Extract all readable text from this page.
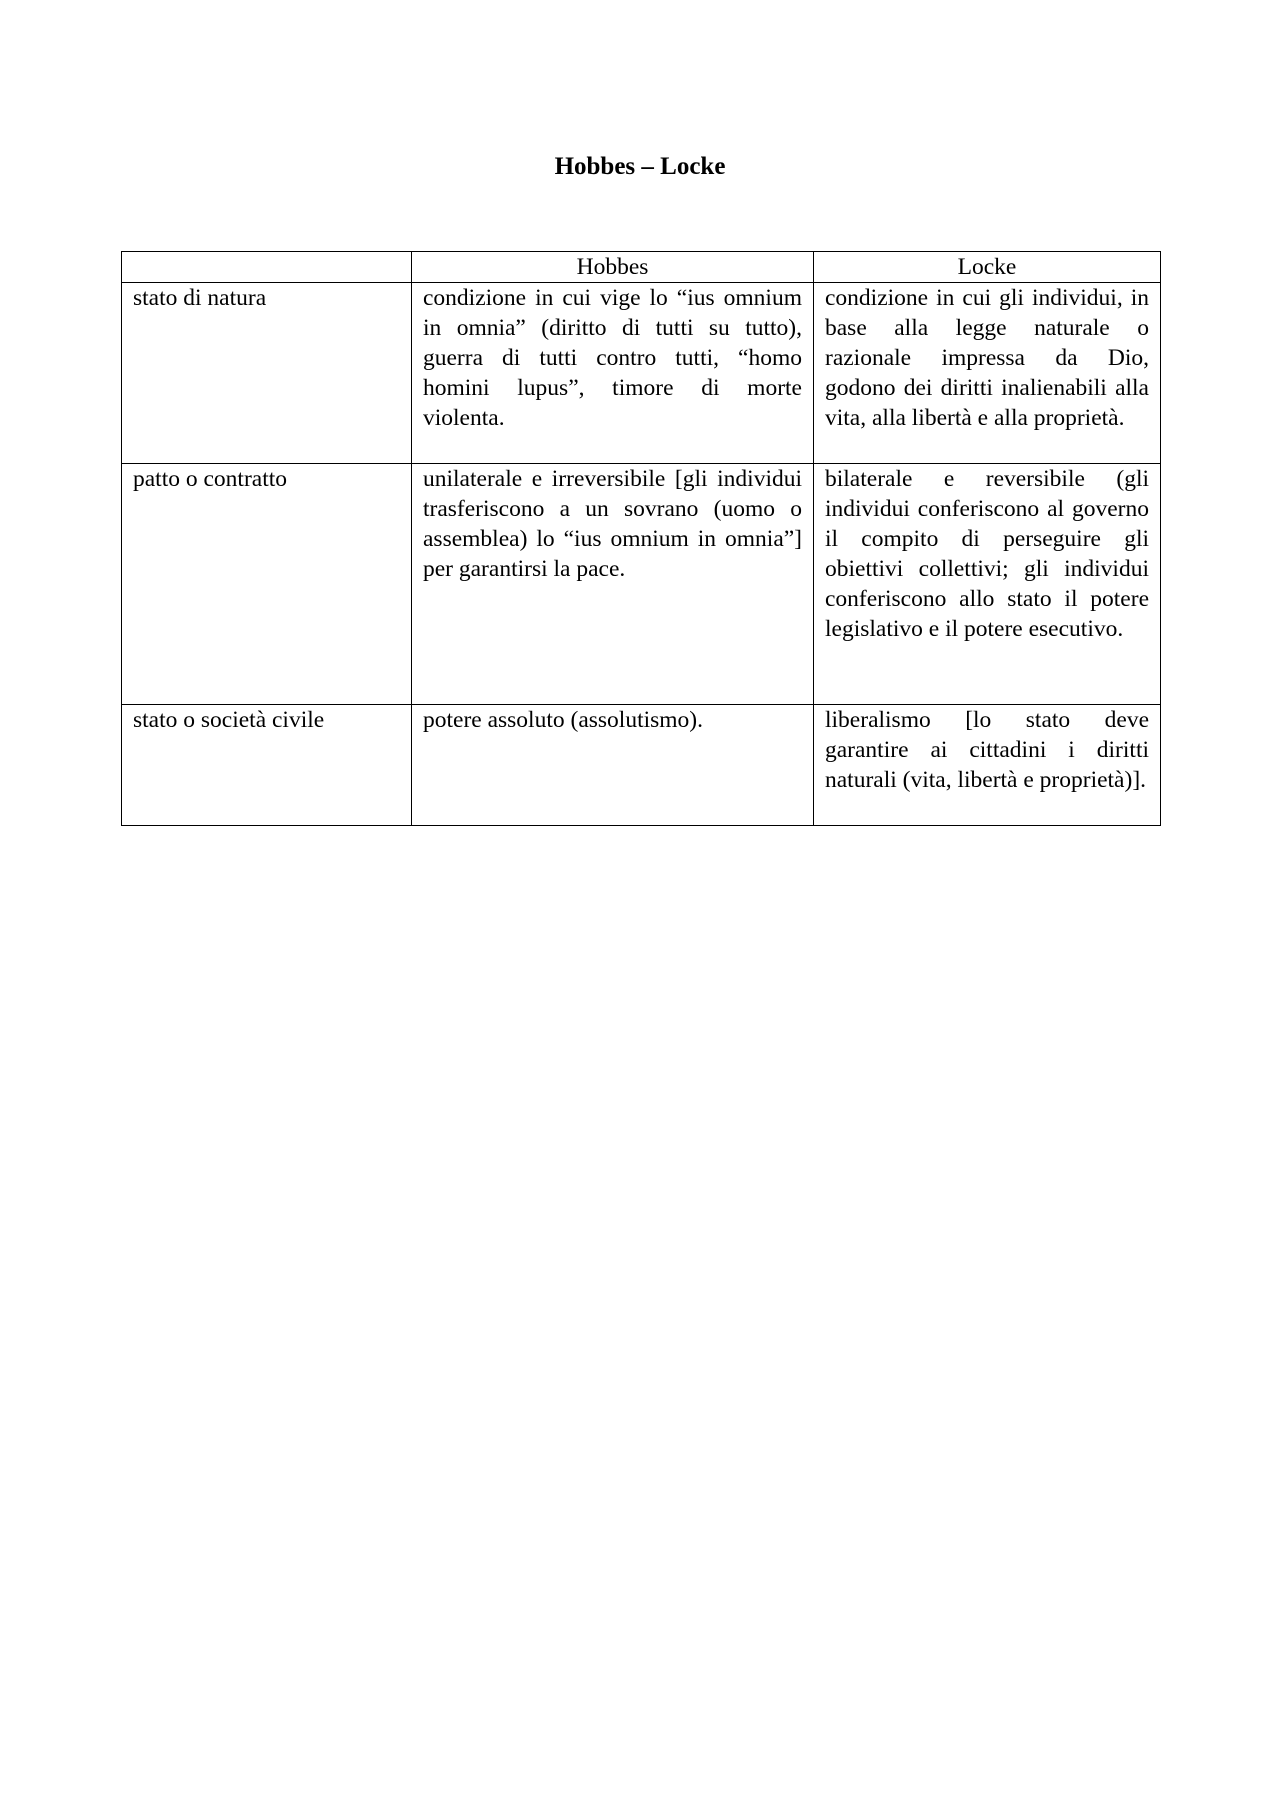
Hobbes – Locke
	Hobbes	Locke
stato di natura	condizione in cui vige lo “ius omnium in omnia” (diritto di tutti su tutto), guerra di tutti contro tutti, “homo homini lupus”, timore di morte violenta.	condizione in cui gli individui, in base alla legge naturale o razionale impressa da Dio, godono dei diritti inalienabili alla vita, alla libertà e alla proprietà.
patto o contratto	unilaterale e irreversibile [gli individui trasferiscono a un sovrano (uomo o assemblea) lo “ius omnium in omnia”] per garantirsi la pace.	bilaterale e reversibile (gli individui conferiscono al governo il compito di perseguire gli obiettivi collettivi; gli individui conferiscono allo stato il potere legislativo e il potere esecutivo.
stato o società civile	potere assoluto (assolutismo).	liberalismo [lo stato deve garantire ai cittadini i diritti naturali (vita, libertà e proprietà)].
